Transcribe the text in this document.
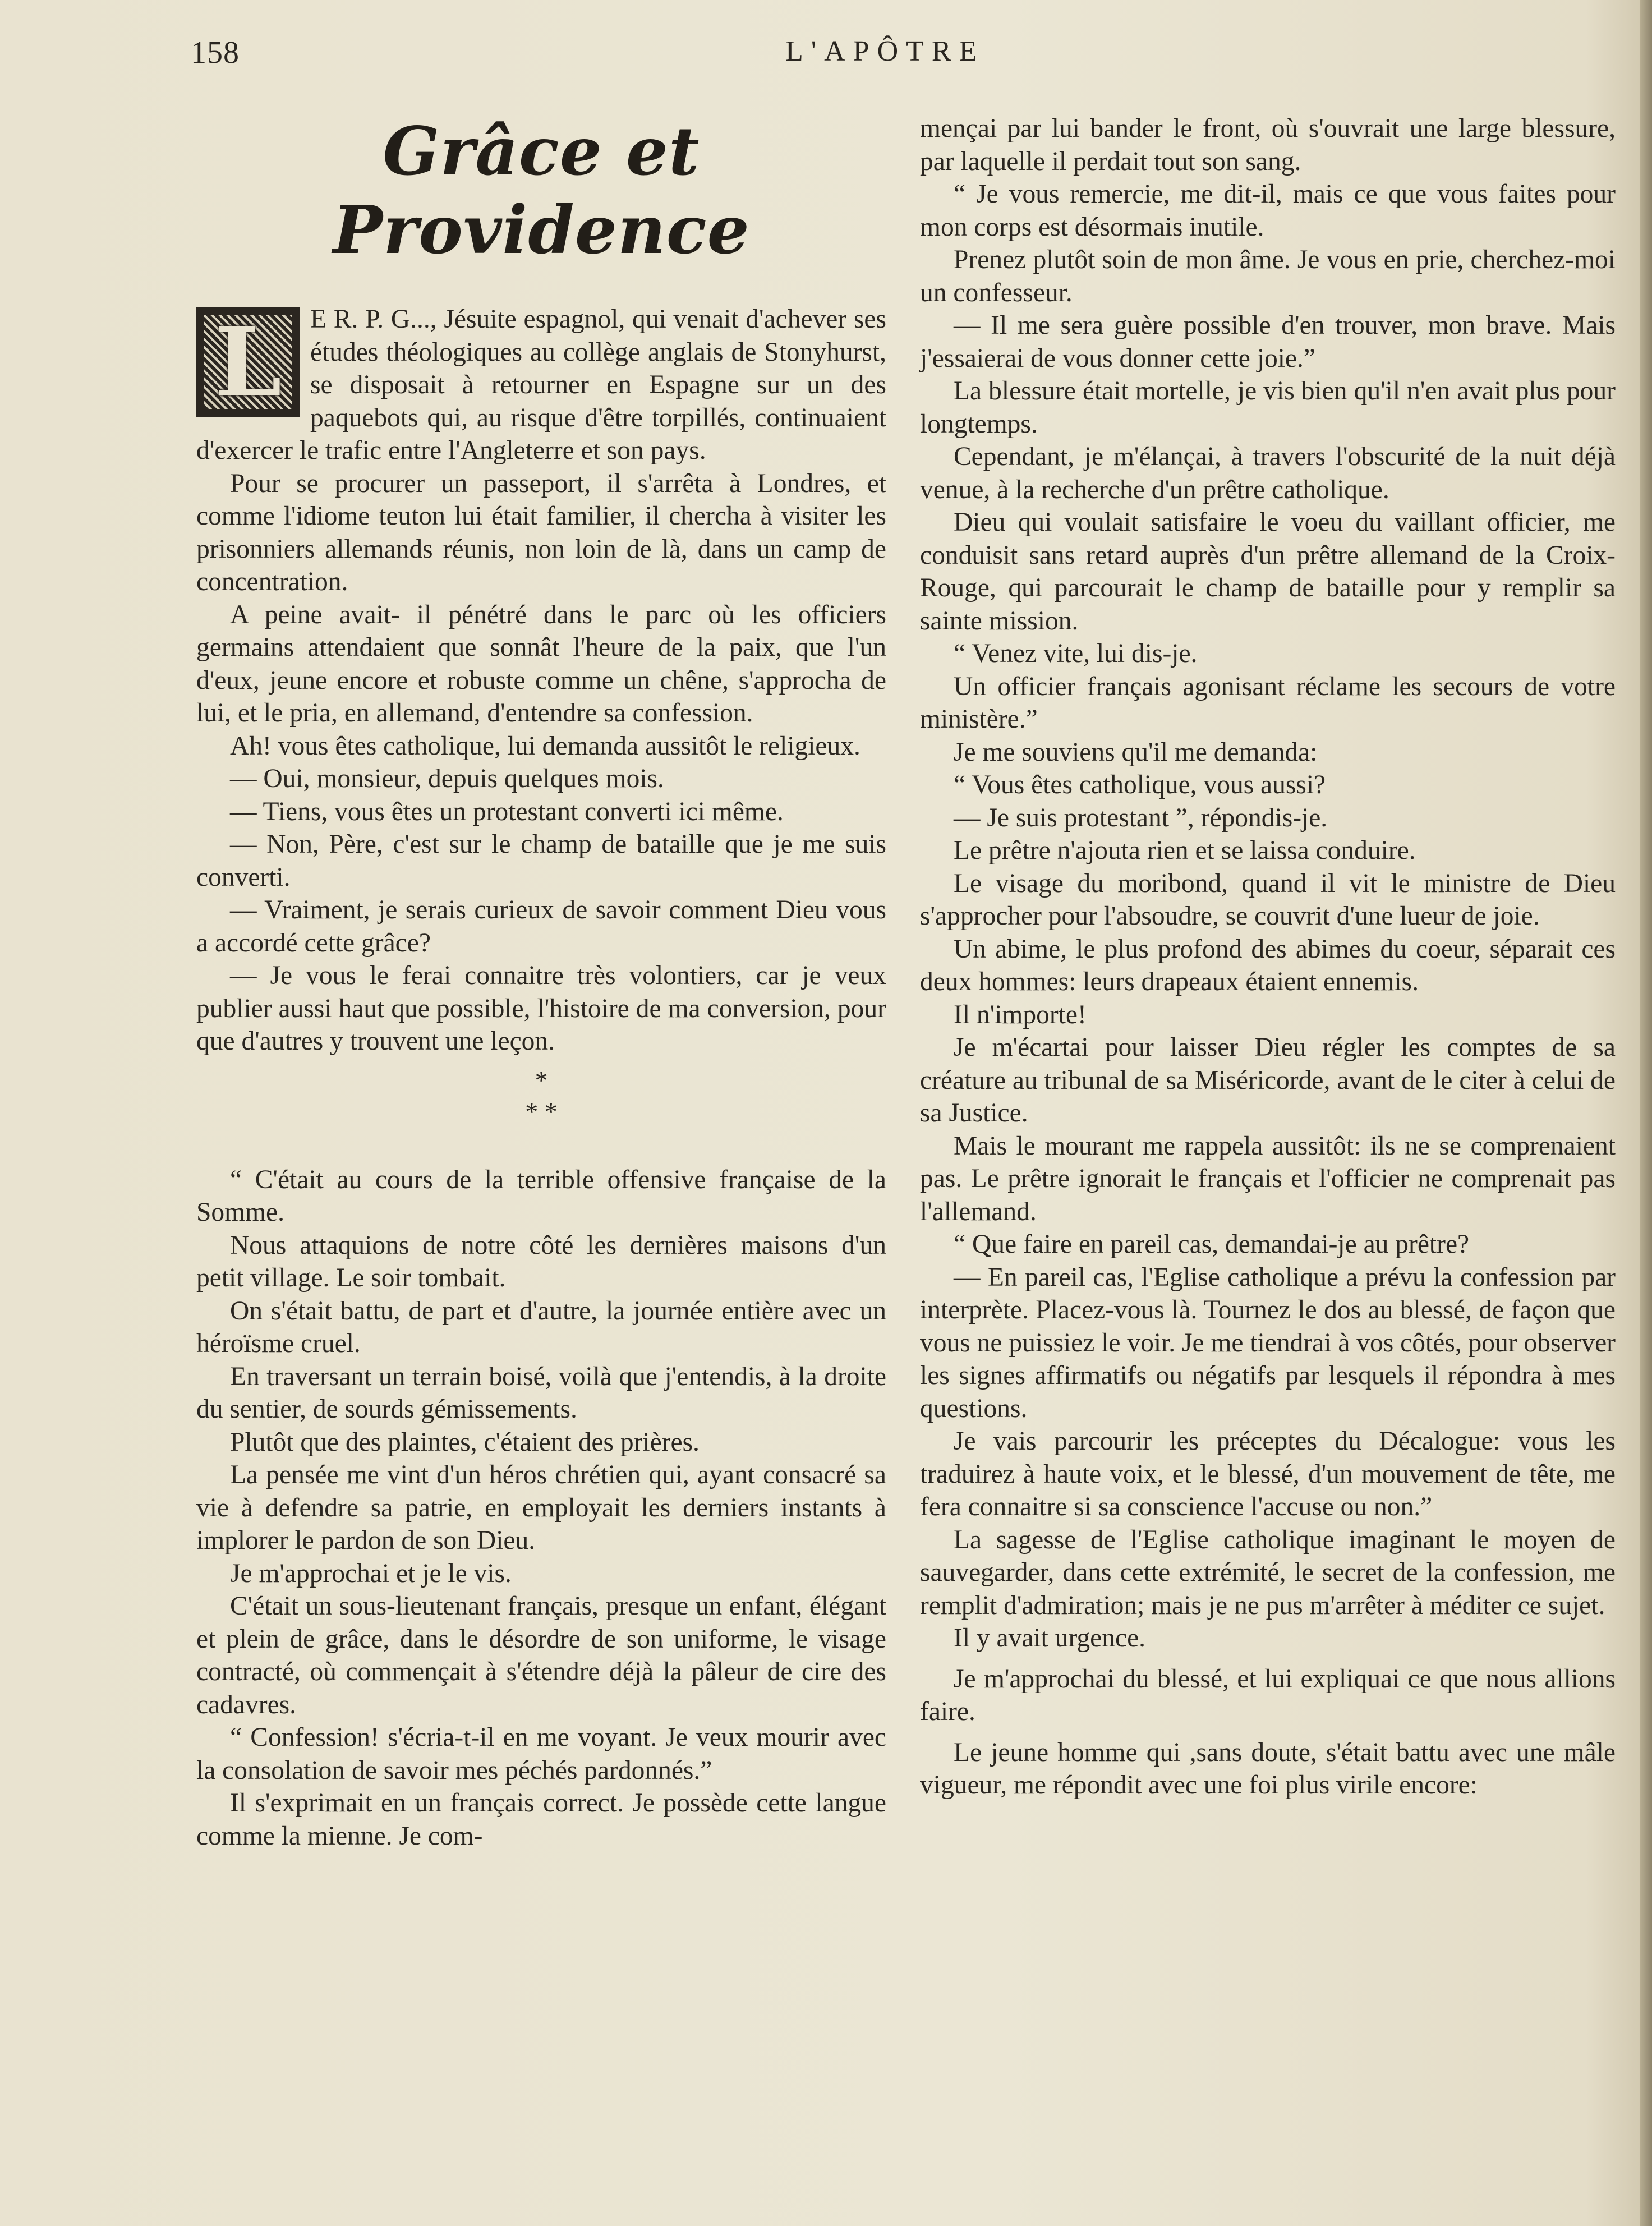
158	L'APÔTRE
Grâce et Providence
L	E R. P. G..., Jésuite espagnol, qui venait d'achever ses études théologiques au collège anglais de Stonyhurst, se disposait à retourner en Espagne sur un des paquebots qui, au risque d'être torpillés, continuaient d'exercer le trafic entre l'Angleterre et son pays.

Pour se procurer un passeport, il s'arrêta à Londres, et comme l'idiome teuton lui était familier, il chercha à visiter les prisonniers allemands réunis, non loin de là, dans un camp de concentration.

A peine avait- il pénétré dans le parc où les officiers germains attendaient que sonnât l'heure de la paix, que l'un d'eux, jeune encore et robuste comme un chêne, s'approcha de lui, et le pria, en allemand, d'entendre sa confession.

Ah! vous êtes catholique, lui demanda aussitôt le religieux.

— Oui, monsieur, depuis quelques mois.

— Tiens, vous êtes un protestant converti ici même.

— Non, Père, c'est sur le champ de bataille que je me suis converti.

— Vraiment, je serais curieux de savoir comment Dieu vous a accordé cette grâce?

— Je vous le ferai connaitre très volontiers, car je veux publier aussi haut que possible, l'histoire de ma conversion, pour que d'autres y trouvent une leçon.

*
* *

“ C'était au cours de la terrible offensive française de la Somme.

Nous attaquions de notre côté les dernières maisons d'un petit village. Le soir tombait.

On s'était battu, de part et d'autre, la journée entière avec un héroïsme cruel.

En traversant un terrain boisé, voilà que j'entendis, à la droite du sentier, de sourds gémissements.

Plutôt que des plaintes, c'étaient des prières.

La pensée me vint d'un héros chrétien qui, ayant consacré sa vie à defendre sa patrie, en employait les derniers instants à implorer le pardon de son Dieu.

Je m'approchai et je le vis.

C'était un sous-lieutenant français, presque un enfant, élégant et plein de grâce, dans le désordre de son uniforme, le visage contracté, où commençait à s'étendre déjà la pâleur de cire des cadavres.

“ Confession! s'écria-t-il en me voyant. Je veux mourir avec la consolation de savoir mes péchés pardonnés.”

Il s'exprimait en un français correct. Je possède cette langue comme la mienne. Je com-

mençai par lui bander le front, où s'ouvrait une large blessure, par laquelle il perdait tout son sang.

“ Je vous remercie, me dit-il, mais ce que vous faites pour mon corps est désormais inutile.

Prenez plutôt soin de mon âme. Je vous en prie, cherchez-moi un confesseur.

— Il me sera guère possible d'en trouver, mon brave. Mais j'essaierai de vous donner cette joie.”

La blessure était mortelle, je vis bien qu'il n'en avait plus pour longtemps.

Cependant, je m'élançai, à travers l'obscurité de la nuit déjà venue, à la recherche d'un prêtre catholique.

Dieu qui voulait satisfaire le voeu du vaillant officier, me conduisit sans retard auprès d'un prêtre allemand de la Croix-Rouge, qui parcourait le champ de bataille pour y remplir sa sainte mission.

“ Venez vite, lui dis-je.

Un officier français agonisant réclame les secours de votre ministère.”

Je me souviens qu'il me demanda:

“ Vous êtes catholique, vous aussi?

— Je suis protestant ”, répondis-je.

Le prêtre n'ajouta rien et se laissa conduire.

Le visage du moribond, quand il vit le ministre de Dieu s'approcher pour l'absoudre, se couvrit d'une lueur de joie.

Un abime, le plus profond des abimes du coeur, séparait ces deux hommes: leurs drapeaux étaient ennemis.

Il n'importe!

Je m'écartai pour laisser Dieu régler les comptes de sa créature au tribunal de sa Miséricorde, avant de le citer à celui de sa Justice.

Mais le mourant me rappela aussitôt: ils ne se comprenaient pas. Le prêtre ignorait le français et l'officier ne comprenait pas l'allemand.

“ Que faire en pareil cas, demandai-je au prêtre?

— En pareil cas, l'Eglise catholique a prévu la confession par interprète. Placez-vous là. Tournez le dos au blessé, de façon que vous ne puissiez le voir. Je me tiendrai à vos côtés, pour observer les signes affirmatifs ou négatifs par lesquels il répondra à mes questions.

Je vais parcourir les préceptes du Décalogue: vous les traduirez à haute voix, et le blessé, d'un mouvement de tête, me fera connaitre si sa conscience l'accuse ou non.”

La sagesse de l'Eglise catholique imaginant le moyen de sauvegarder, dans cette extrémité, le secret de la confession, me remplit d'admiration; mais je ne pus m'arrêter à méditer ce sujet.

Il y avait urgence.

Je m'approchai du blessé, et lui expliquai ce que nous allions faire.

Le jeune homme qui ,sans doute, s'était battu avec une mâle vigueur, me répondit avec une foi plus virile encore:
